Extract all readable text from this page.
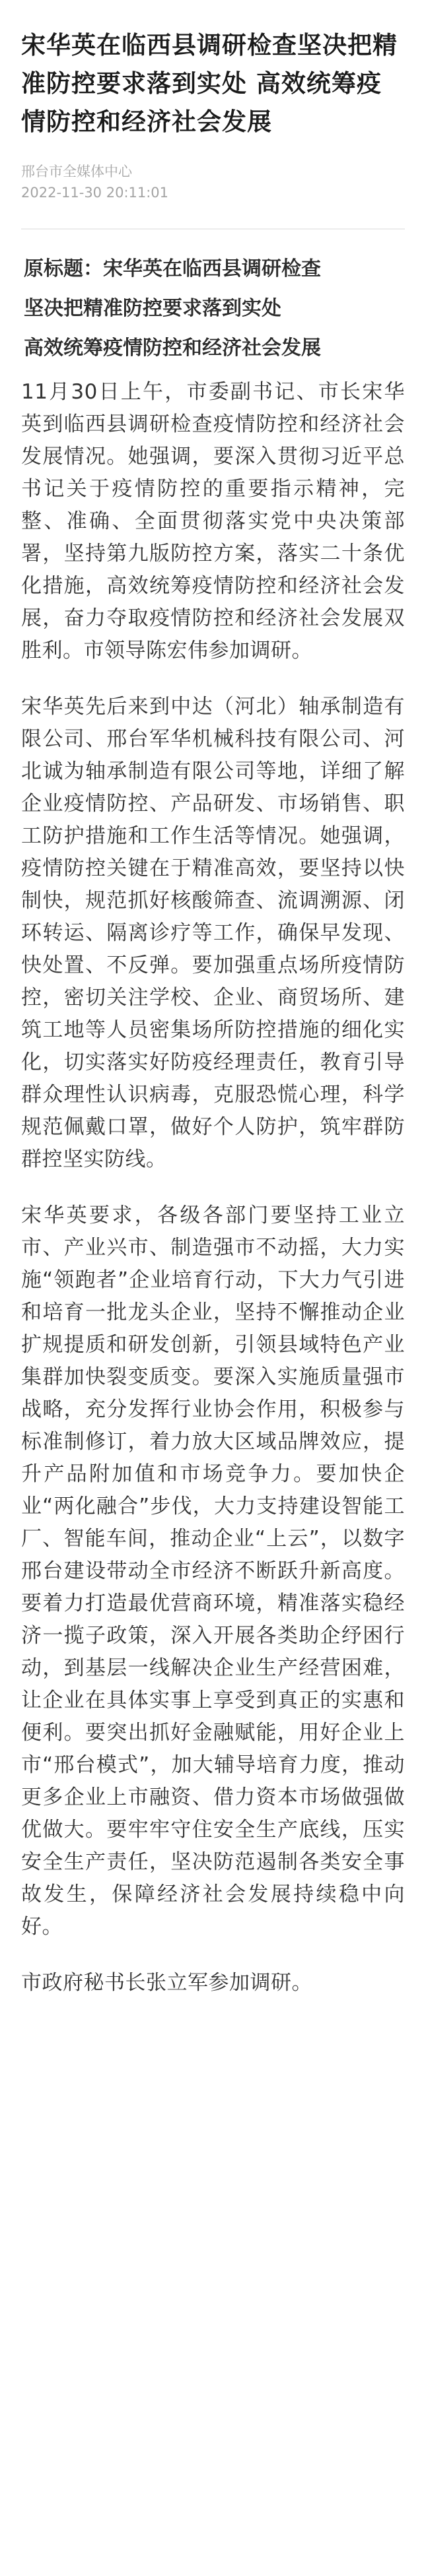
宋华英在临西县调研检查坚决把精准防控要求落到实处 高效统筹疫情防控和经济社会发展
邢台市全媒体中心
2022-11-30 20:11:01
原标题：宋华英在临西县调研检查
坚决把精准防控要求落到实处
高效统筹疫情防控和经济社会发展

11月30日上午，市委副书记、市长宋华英到临西县调研检查疫情防控和经济社会发展情况。她强调，要深入贯彻习近平总书记关于疫情防控的重要指示精神，完整、准确、全面贯彻落实党中央决策部署，坚持第九版防控方案，落实二十条优化措施，高效统筹疫情防控和经济社会发展，奋力夺取疫情防控和经济社会发展双胜利。市领导陈宏伟参加调研。

宋华英先后来到中达（河北）轴承制造有限公司、邢台军华机械科技有限公司、河北诚为轴承制造有限公司等地，详细了解企业疫情防控、产品研发、市场销售、职工防护措施和工作生活等情况。她强调，疫情防控关键在于精准高效，要坚持以快制快，规范抓好核酸筛查、流调溯源、闭环转运、隔离诊疗等工作，确保早发现、快处置、不反弹。要加强重点场所疫情防控，密切关注学校、企业、商贸场所、建筑工地等人员密集场所防控措施的细化实化，切实落实好防疫经理责任，教育引导群众理性认识病毒，克服恐慌心理，科学规范佩戴口罩，做好个人防护，筑牢群防群控坚实防线。

宋华英要求，各级各部门要坚持工业立市、产业兴市、制造强市不动摇，大力实施“领跑者”企业培育行动，下大力气引进和培育一批龙头企业，坚持不懈推动企业扩规提质和研发创新，引领县域特色产业集群加快裂变质变。要深入实施质量强市战略，充分发挥行业协会作用，积极参与标准制修订，着力放大区域品牌效应，提升产品附加值和市场竞争力。要加快企业“两化融合”步伐，大力支持建设智能工厂、智能车间，推动企业“上云”，以数字邢台建设带动全市经济不断跃升新高度。要着力打造最优营商环境，精准落实稳经济一揽子政策，深入开展各类助企纾困行动，到基层一线解决企业生产经营困难，让企业在具体实事上享受到真正的实惠和便利。要突出抓好金融赋能，用好企业上市“邢台模式”，加大辅导培育力度，推动更多企业上市融资、借力资本市场做强做优做大。要牢牢守住安全生产底线，压实安全生产责任，坚决防范遏制各类安全事故发生，保障经济社会发展持续稳中向好。

市政府秘书长张立军参加调研。
